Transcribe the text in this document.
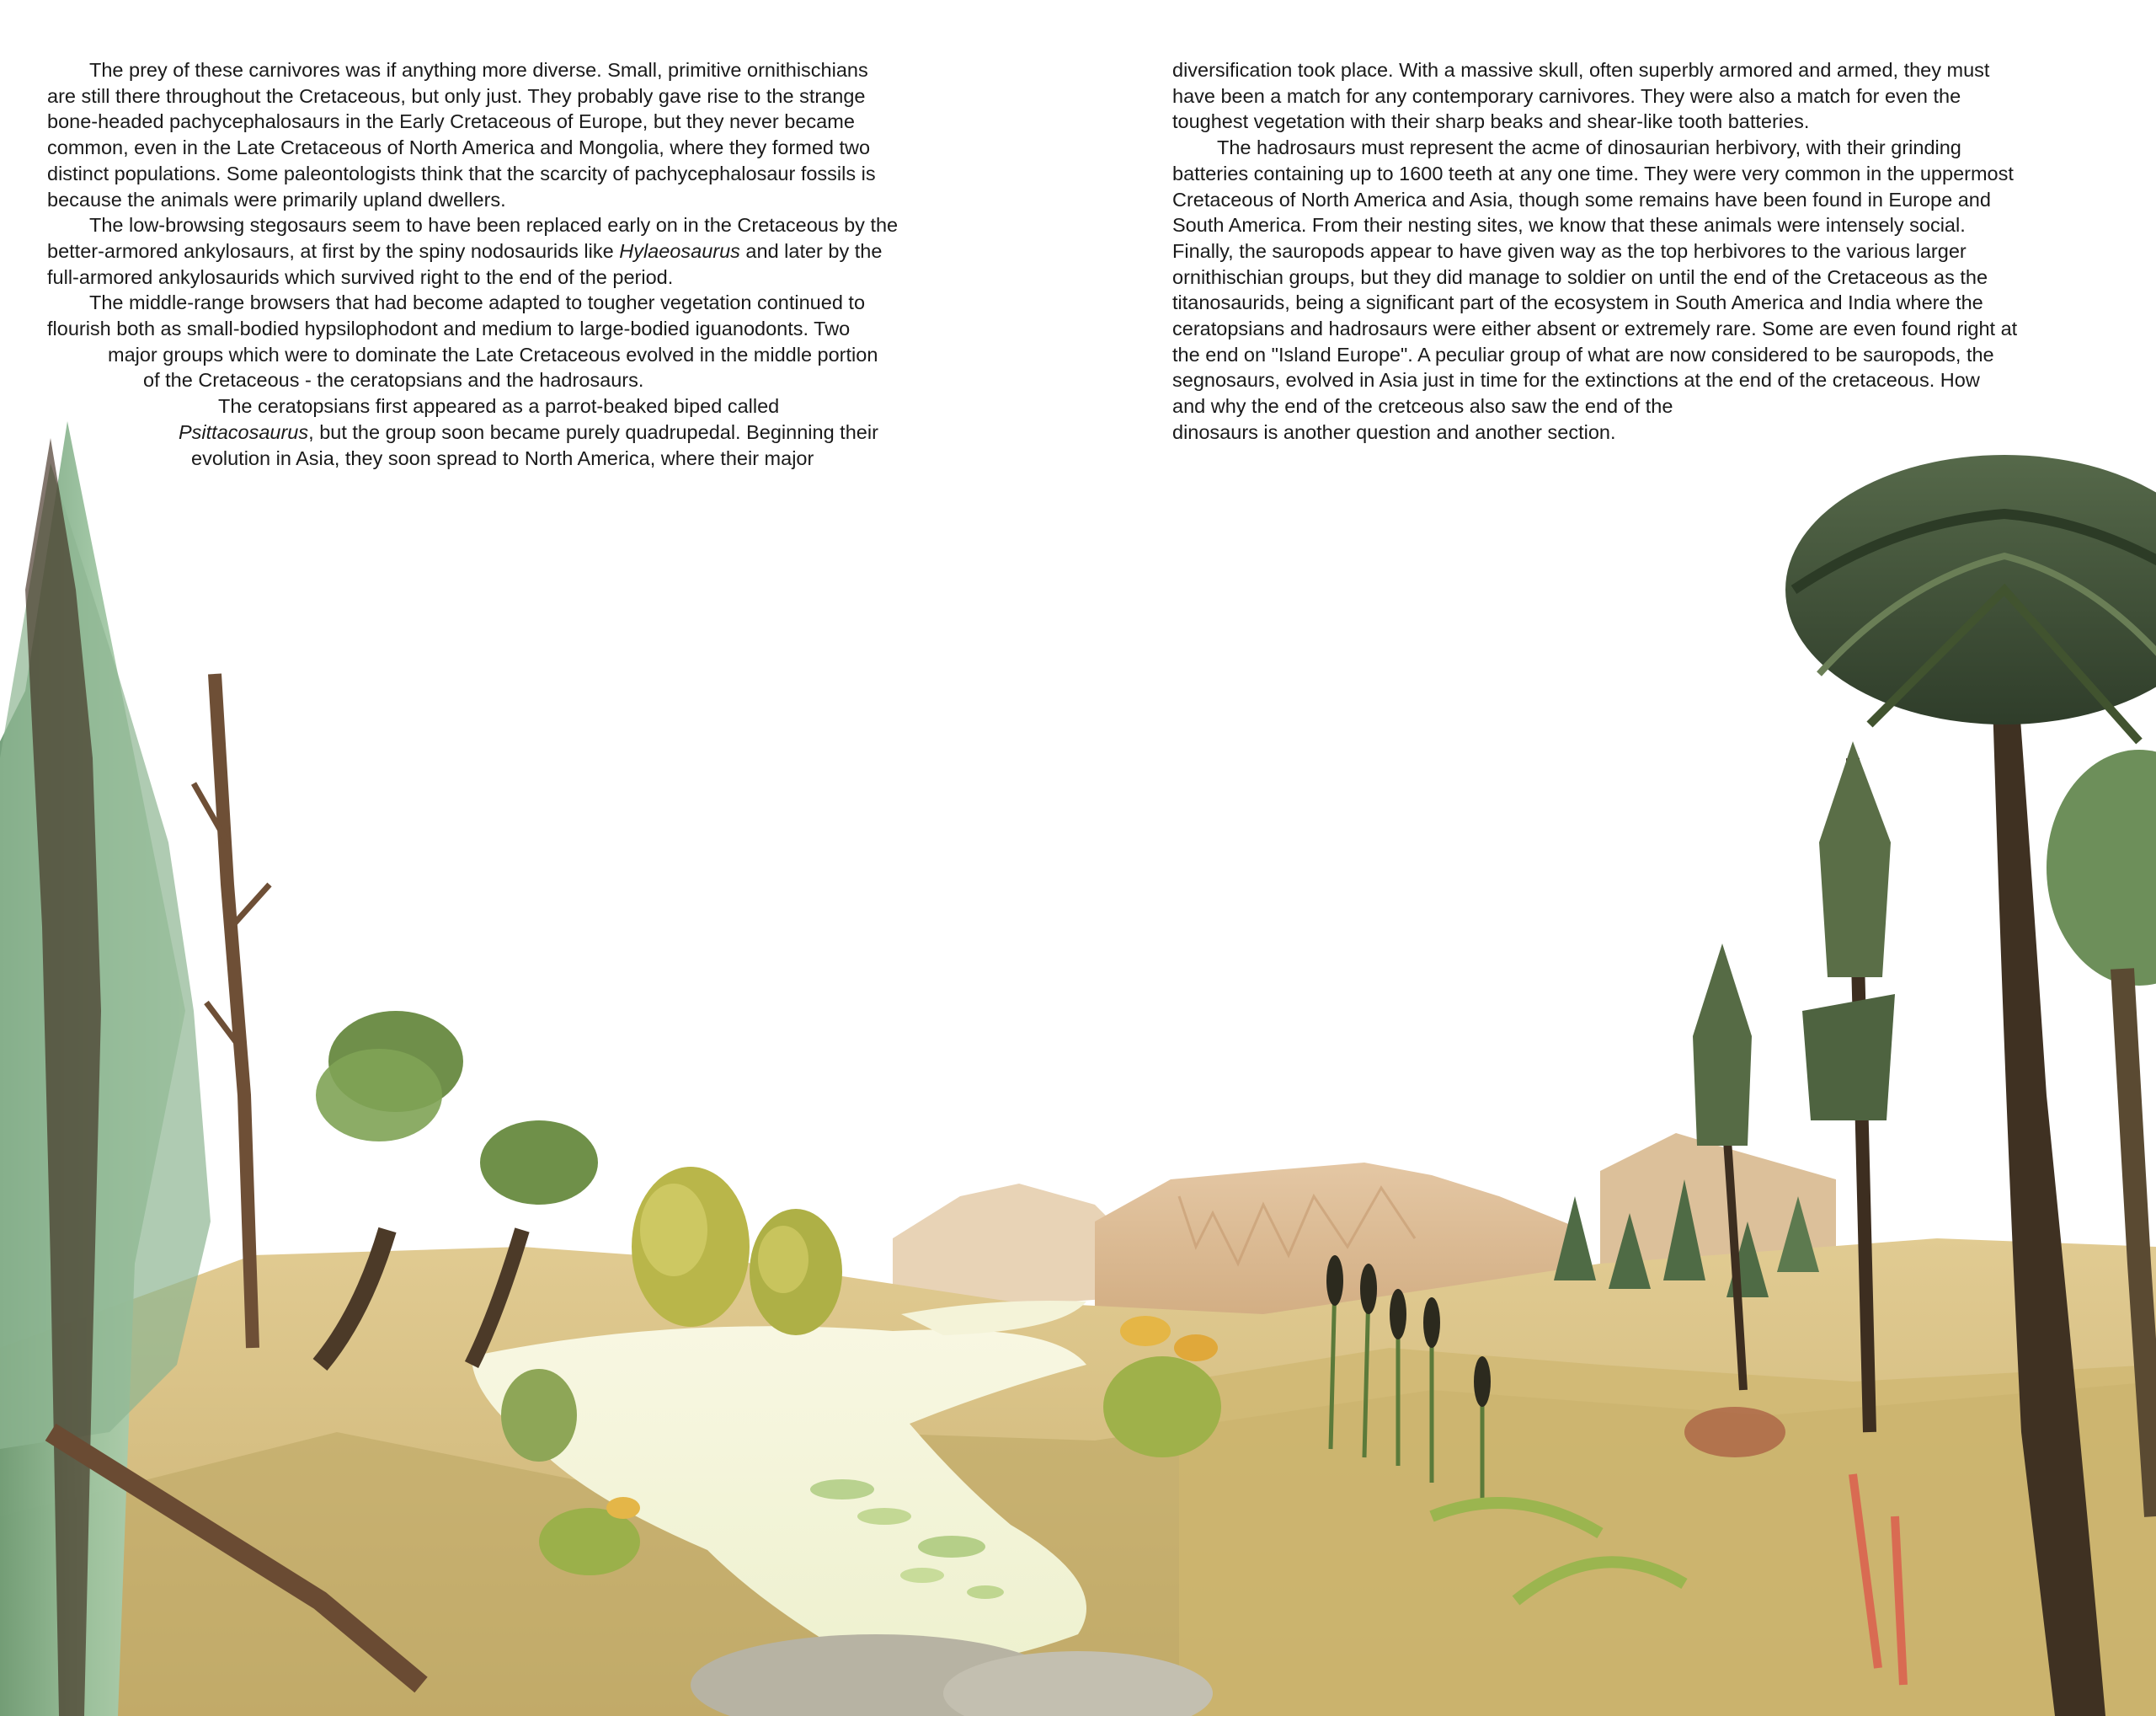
The prey of these carnivores was if anything more diverse. Small, primitive ornithischians

are still there throughout the Cretaceous, but only just. They probably gave rise to the strange

bone-headed pachycephalosaurs in the Early Cretaceous of Europe, but they never became

common, even in the Late Cretaceous of North America and Mongolia, where they formed two

distinct populations. Some paleontologists think that the scarcity of pachycephalosaur fossils is

because the animals were primarily upland dwellers.

The low-browsing stegosaurs seem to have been replaced early on in the Cretaceous by the

better-armored ankylosaurs, at first by the spiny nodosaurids like Hylaeosaurus and later by the

full-armored ankylosaurids which survived right to the end of the period.

The middle-range browsers that had become adapted to tougher vegetation continued to

flourish both as small-bodied hypsilophodont and medium to large-bodied iguanodonts. Two

major groups which were to dominate the Late Cretaceous evolved in the middle portion

of the Cretaceous - the ceratopsians and the hadrosaurs.

The ceratopsians first appeared as a parrot-beaked biped called

Psittacosaurus, but the group soon became purely quadrupedal. Beginning their

evolution in Asia, they soon spread to North America, where their major

diversification took place. With a massive skull, often superbly armored and armed, they must

have been a match for any contemporary carnivores. They were also a match for even the

toughest vegetation with their sharp beaks and shear-like tooth batteries.

The hadrosaurs must represent the acme of dinosaurian herbivory, with their grinding

batteries containing up to 1600 teeth at any one time. They were very common in the uppermost

Cretaceous of North America and Asia, though some remains have been found in Europe and

South America. From their nesting sites, we know that these animals were intensely social.

Finally, the sauropods appear to have given way as the top herbivores to the various larger

ornithischian groups, but they did manage to soldier on until the end of the Cretaceous as the

titanosaurids, being a significant part of the ecosystem in South America and India where the

ceratopsians and hadrosaurs were either absent or extremely rare. Some are even found right at

the end on "Island Europe". A peculiar group of what are now considered to be sauropods, the

segnosaurs, evolved in Asia just in time for the extinctions at the end of the cretaceous. How

and why the end of the cretceous also saw the end of the

dinosaurs is another question and another section.
